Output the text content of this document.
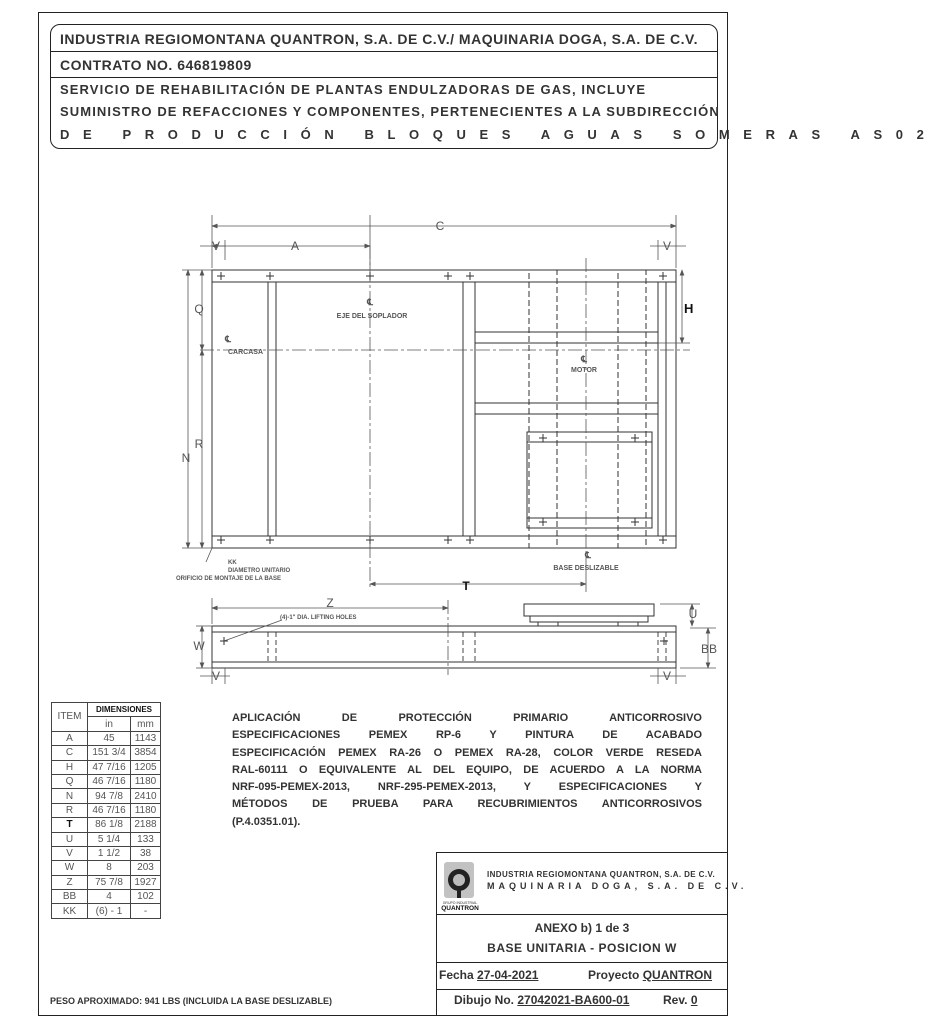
INDUSTRIA REGIOMONTANA QUANTRON, S.A. DE C.V./ MAQUINARIA DOGA, S.A. DE C.V.
CONTRATO NO. 646819809
SERVICIO DE REHABILITACIÓN DE PLANTAS ENDULZADORAS DE GAS, INCLUYE
SUMINISTRO DE REFACCIONES Y COMPONENTES, PERTENECIENTES A LA SUBDIRECCIÓN
DE PRODUCCIÓN BLOQUES AGUAS SOMERAS AS02
C
A
V	V
Q
R
N
Z
U
W	BB
V	V
H
T
℄
EJE DEL SOPLADOR
℄
CARCASA
℄
MOTOR
℄
BASE DESLIZABLE
KK
DIAMETRO UNITARIO
ORIFICIO DE MONTAJE DE LA BASE
(4)-1" DIA. LIFTING HOLES
ITEM	DIMENSIONES	
	in	mm
A	45	1143
C	151 3/4	3854
H	47 7/16	1205
Q	46 7/16	1180
N	94 7/8	2410
R	46 7/16	1180
T	86 1/8	2188
U	5 1/4	133
V	1 1/2	38
W	8	203
Z	75 7/8	1927
BB	4	102
KK	(6) - 1	-
APLICACIÓN DE PROTECCIÓN PRIMARIO ANTICORROSIVO
ESPECIFICACIONES PEMEX RP-6 Y PINTURA DE ACABADO
ESPECIFICACIÓN PEMEX RA-26 O PEMEX RA-28, COLOR VERDE RESEDA
RAL-60111 O EQUIVALENTE AL DEL EQUIPO, DE ACUERDO A LA NORMA
NRF-095-PEMEX-2013, NRF-295-PEMEX-2013, Y ESPECIFICACIONES Y
MÉTODOS DE PRUEBA PARA RECUBRIMIENTOS ANTICORROSIVOS
(P.4.0351.01).
GRUPO INDUSTRIAL
QUANTRON
INDUSTRIA REGIOMONTANA QUANTRON, S.A. DE C.V.
MAQUINARIA DOGA, S.A. DE C.V.
ANEXO b) 1 de 3
BASE UNITARIA - POSICION W
Fecha 27-04-2021	Proyecto QUANTRON
Dibujo No. 27042021-BA600-01	Rev. 0
PESO APROXIMADO: 941 LBS (INCLUIDA LA BASE DESLIZABLE)
